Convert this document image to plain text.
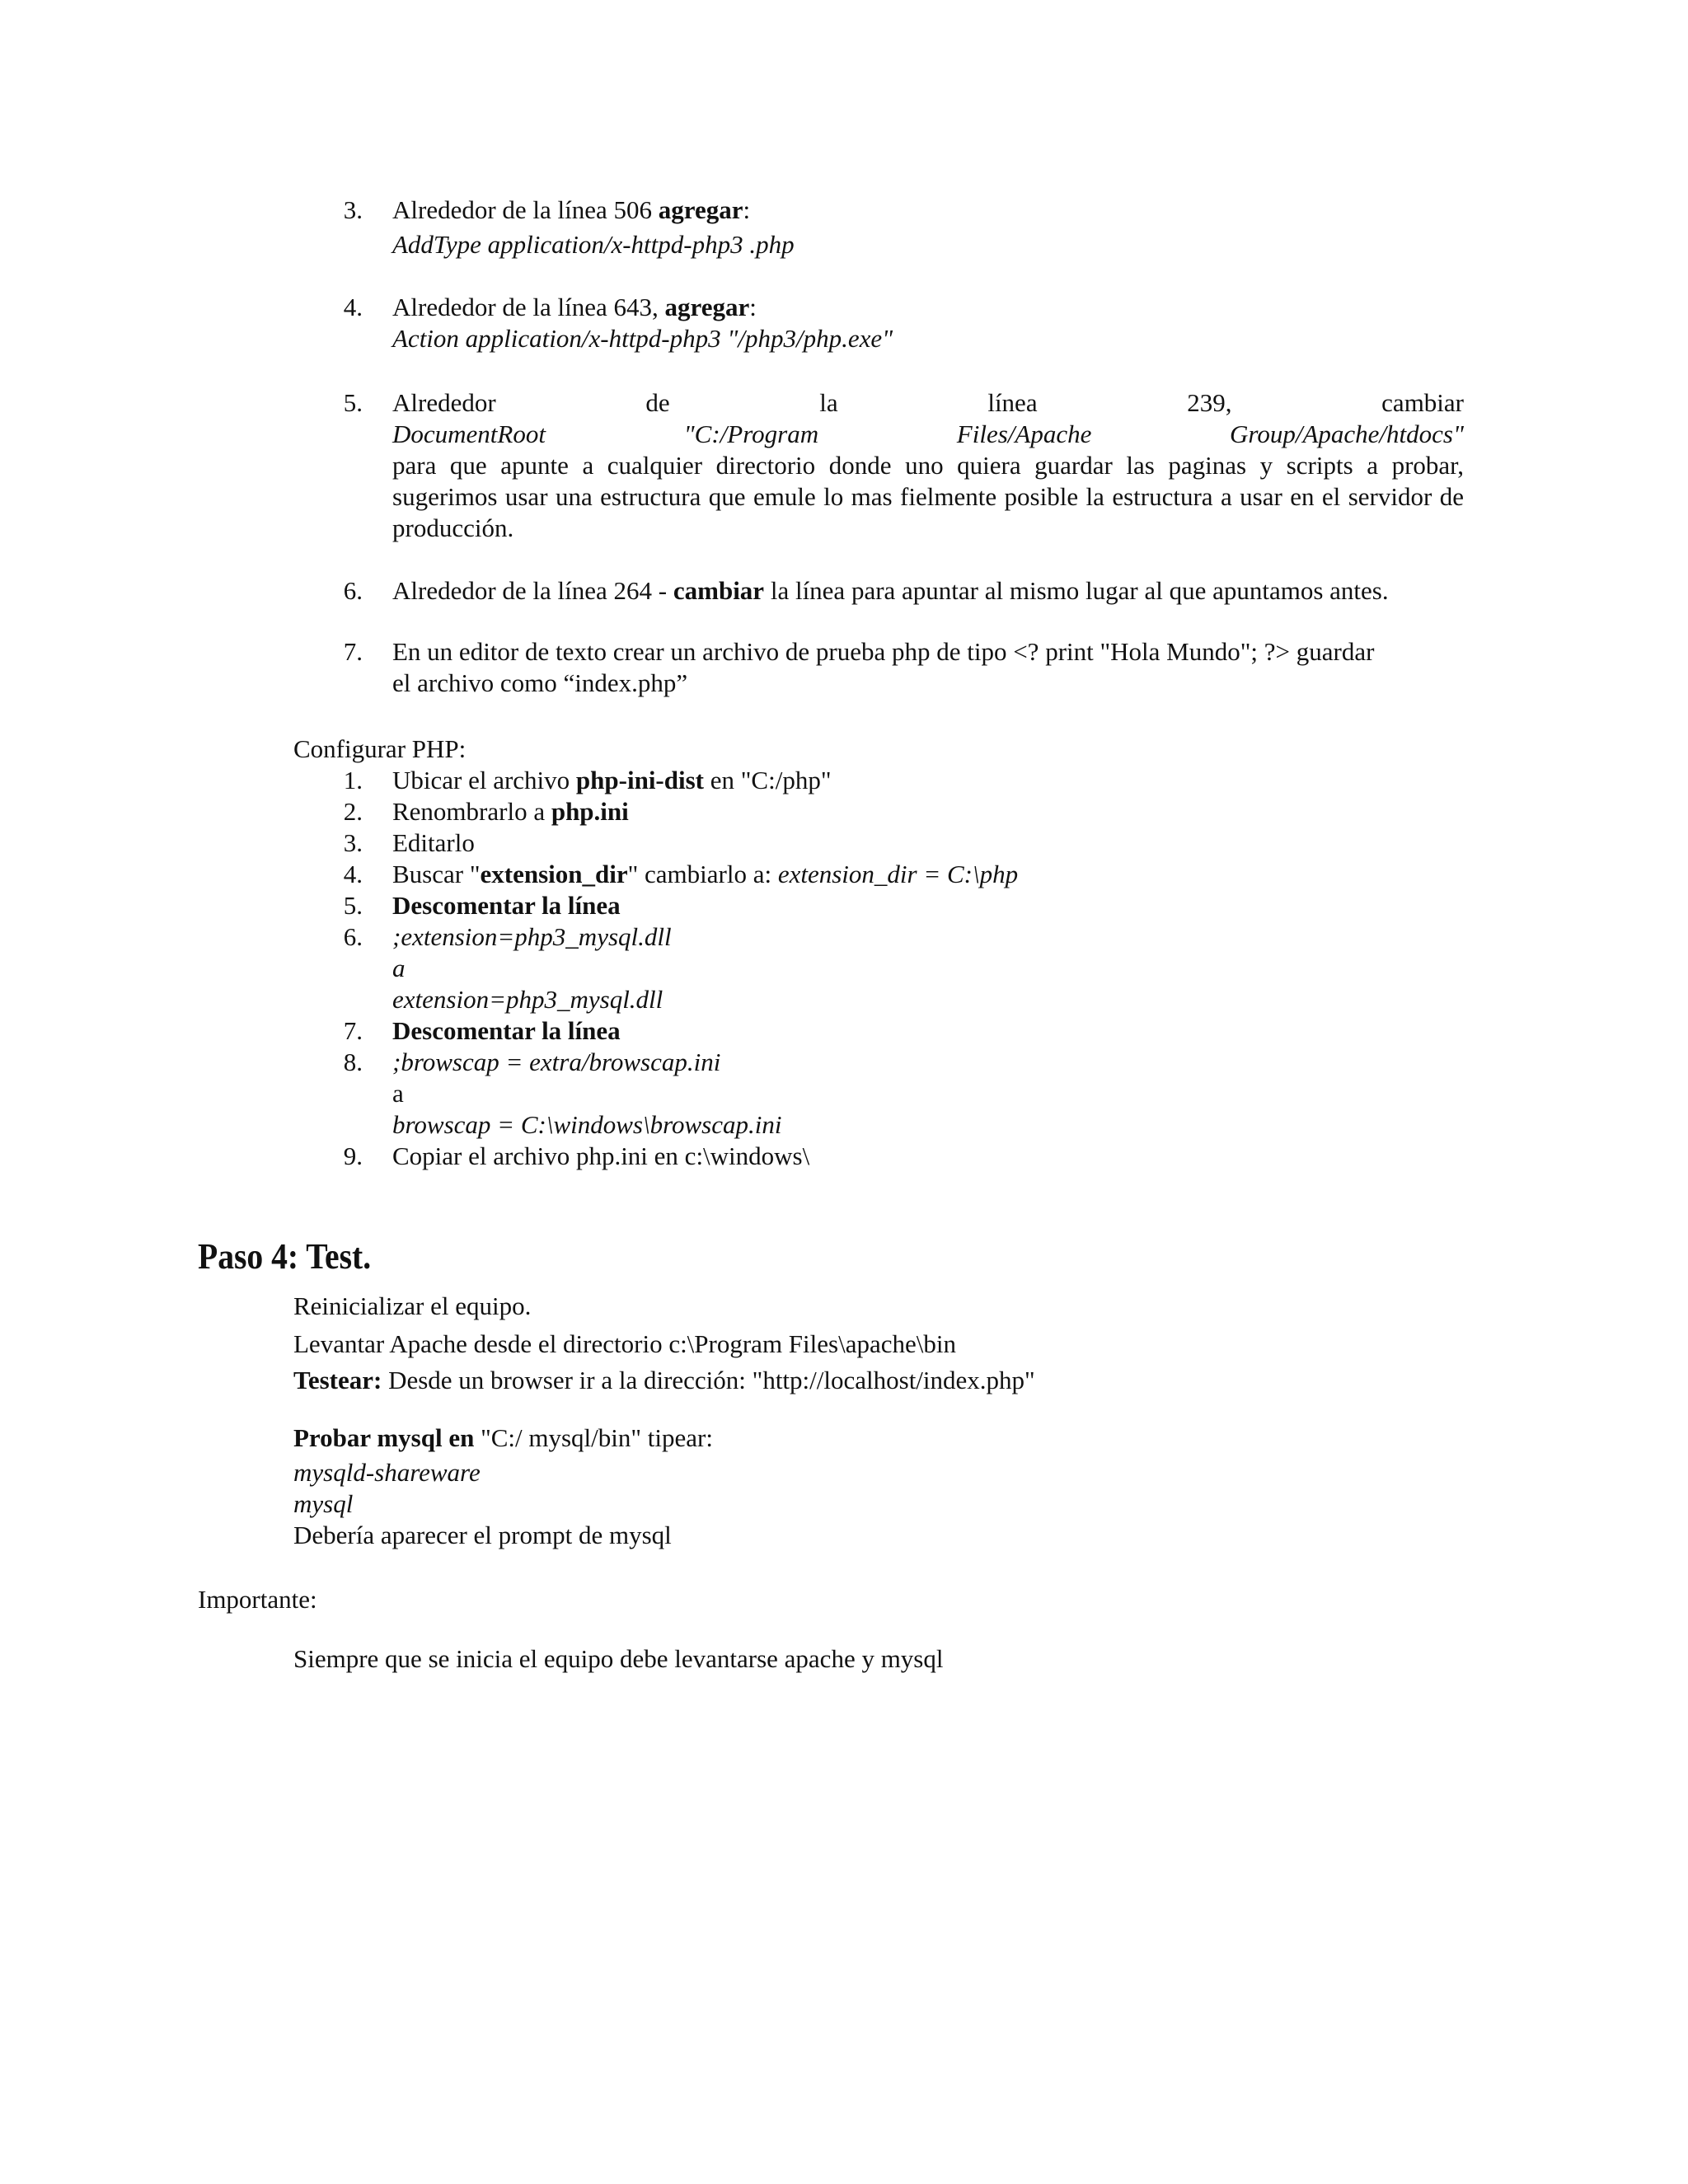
3. Alrededor de la línea 506 agregar:
AddType application/x-httpd-php3 .php
4. Alrededor de la línea 643, agregar:
Action application/x-httpd-php3 "/php3/php.exe"
5. Alrededor	de	la	línea	239,	cambiar
DocumentRoot	"C:/Program	Files/Apache	Group/Apache/htdocs"
para que apunte a cualquier directorio donde uno quiera guardar las paginas y scripts a probar, sugerimos usar una estructura que emule lo mas fielmente posible la estructura a usar en el servidor de producción.
6. Alrededor de la línea 264 - cambiar la línea para apuntar al mismo lugar al que apuntamos antes.
7. En un editor de texto crear un archivo de prueba php de tipo <? print "Hola Mundo"; ?> guardar
el archivo como “index.php”
Configurar PHP:
1. Ubicar el archivo php-ini-dist en "C:/php"
2. Renombrarlo a php.ini
3. Editarlo
4. Buscar "extension_dir" cambiarlo a: extension_dir = C:\php
5. Descomentar la línea
6. ;extension=php3_mysql.dll
a
extension=php3_mysql.dll
7. Descomentar la línea
8. ;browscap = extra/browscap.ini
a
browscap = C:\windows\browscap.ini
9. Copiar el archivo php.ini en c:\windows\
Paso 4: Test.
Reinicializar el equipo.
Levantar Apache desde el directorio c:\Program Files\apache\bin
Testear: Desde un browser ir a la dirección: "http://localhost/index.php"
Probar mysql en "C:/ mysql/bin" tipear:
mysqld-shareware
mysql
Debería aparecer el prompt de mysql
Importante:
Siempre que se inicia el equipo debe levantarse apache y mysql
